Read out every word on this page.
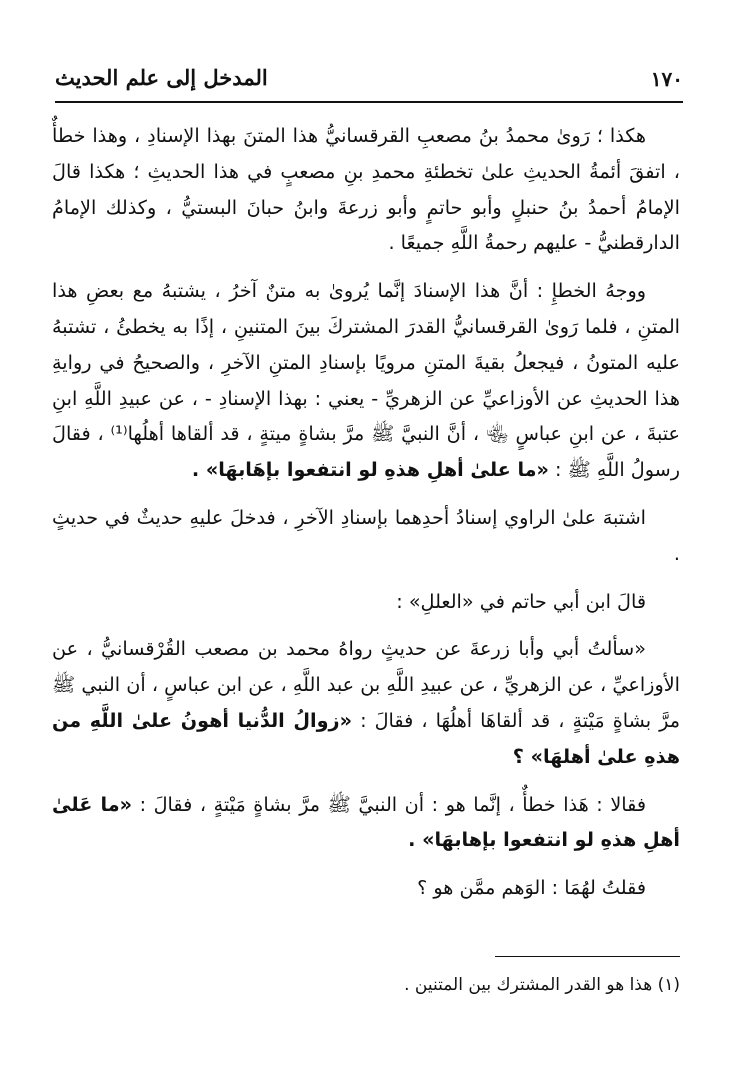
١٧٠
المدخل إلى علم الحديث

هكذا ؛ رَوىٰ محمدُ بنُ مصعبِ القرقسانيُّ هذا المتنَ بهذا الإسنادِ ، وهذا خطأٌ ، اتفقَ أئمةُ الحديثِ علىٰ تخطئةِ محمدِ بنِ مصعبٍ في هذا الحديثِ ؛ هكذا قالَ الإمامُ أحمدُ بنُ حنبلٍ وأبو حاتمٍ وأبو زرعةَ وابنُ حبانَ البستيُّ ، وكذلك الإمامُ الدارقطنيُّ - عليهم رحمةُ اللَّهِ جميعًا .

ووجهُ الخطإِ : أنَّ هذا الإسنادَ إنَّما يُروىٰ به متنٌ آخرُ ، يشتبهُ مع بعضِ هذا المتنِ ، فلما رَوىٰ القرقسانيُّ القدرَ المشتركَ بينَ المتنينِ ، إذًا به يخطئُ ، تشتبهُ عليه المتونُ ، فيجعلُ بقيةَ المتنِ مرويًا بإسنادِ المتنِ الآخرِ ، والصحيحُ في روايةِ هذا الحديثِ عن الأوزاعيِّ عن الزهريِّ - يعني : بهذا الإسنادِ - ، عن عبيدِ اللَّهِ ابنِ عتبةَ ، عن ابنِ عباسٍ ﵄ ، أنَّ النبيَّ ﷺ مرَّ بشاةٍ ميتةٍ ، قد ألقاها أهلُها⁽¹⁾ ، فقالَ رسولُ اللَّهِ ﷺ : «ما علىٰ أهلِ هذهِ لو انتفعوا بإهَابهَا» .

اشتبهَ علىٰ الراوي إسنادُ أحدِهما بإسنادِ الآخرِ ، فدخلَ عليهِ حديثٌ في حديثٍ .

قالَ ابن أبي حاتم في «العللِ» :

«سألتُ أبي وأبا زرعةَ عن حديثٍ رواهُ محمد بن مصعب القُرْقسانيُّ ، عن الأوزاعيِّ ، عن الزهريِّ ، عن عبيدِ اللَّهِ بن عبد اللَّهِ ، عن ابن عباسٍ ، أن النبي ﷺ مرَّ بشاةٍ مَيْتةٍ ، قد ألقاهَا أهلُهَا ، فقالَ : «زوالُ الدُّنيا أهونُ علىٰ اللَّهِ من هذهِ علىٰ أهلهَا» ؟

فقالا : هَذا خطأٌ ، إنَّما هو : أن النبيَّ ﷺ مرَّ بشاةٍ مَيْتةٍ ، فقالَ : «ما عَلىٰ أهلِ هذهِ لو انتفعوا بإهابهَا» .

فقلتُ لهُمَا : الوَهم ممَّن هو ؟

(١) هذا هو القدر المشترك بين المتنين .
